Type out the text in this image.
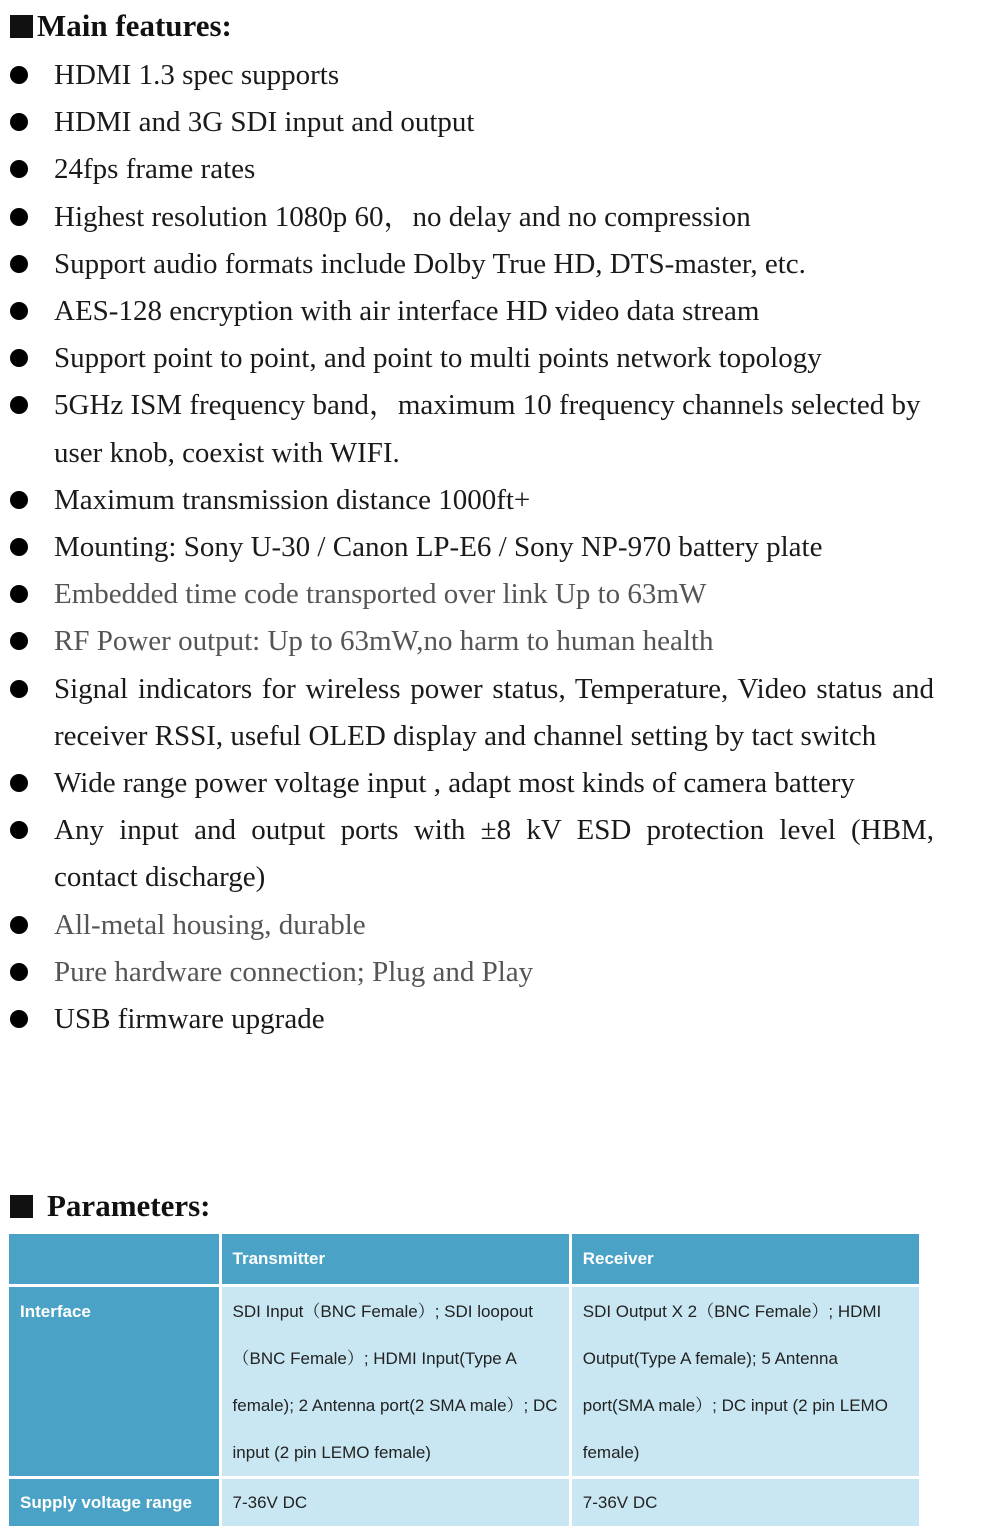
Main features:
HDMI 1.3 spec supports
HDMI and 3G SDI input and output
24fps frame rates
Highest resolution 1080p 60，no delay and no compression
Support audio formats include Dolby True HD, DTS-master, etc.
AES-128 encryption with air interface HD video data stream
Support point to point, and point to multi points network topology
5GHz ISM frequency band，maximum 10 frequency channels selected by user knob, coexist with WIFI.
Maximum transmission distance 1000ft+
Mounting: Sony U-30 / Canon LP-E6 / Sony NP-970 battery plate
Embedded time code transported over link Up to 63mW
RF Power output: Up to 63mW,no harm to human health
Signal indicators for wireless power status, Temperature, Video status and receiver RSSI, useful OLED display and channel setting by tact switch
Wide range power voltage input , adapt most kinds of camera battery
Any input and output ports with ±8 kV ESD protection level (HBM, contact discharge)
All-metal housing, durable
Pure hardware connection; Plug and Play
USB firmware upgrade
Parameters:
	Transmitter	Receiver
Interface	SDI Input（BNC Female）; SDI loopout（BNC Female）; HDMI Input(Type A female); 2 Antenna port(2 SMA male）; DC input (2 pin LEMO female)	SDI Output X 2（BNC Female）; HDMI Output(Type A female); 5 Antenna port(SMA male）; DC input (2 pin LEMO female)
Supply voltage range	7-36V DC	7-36V DC
